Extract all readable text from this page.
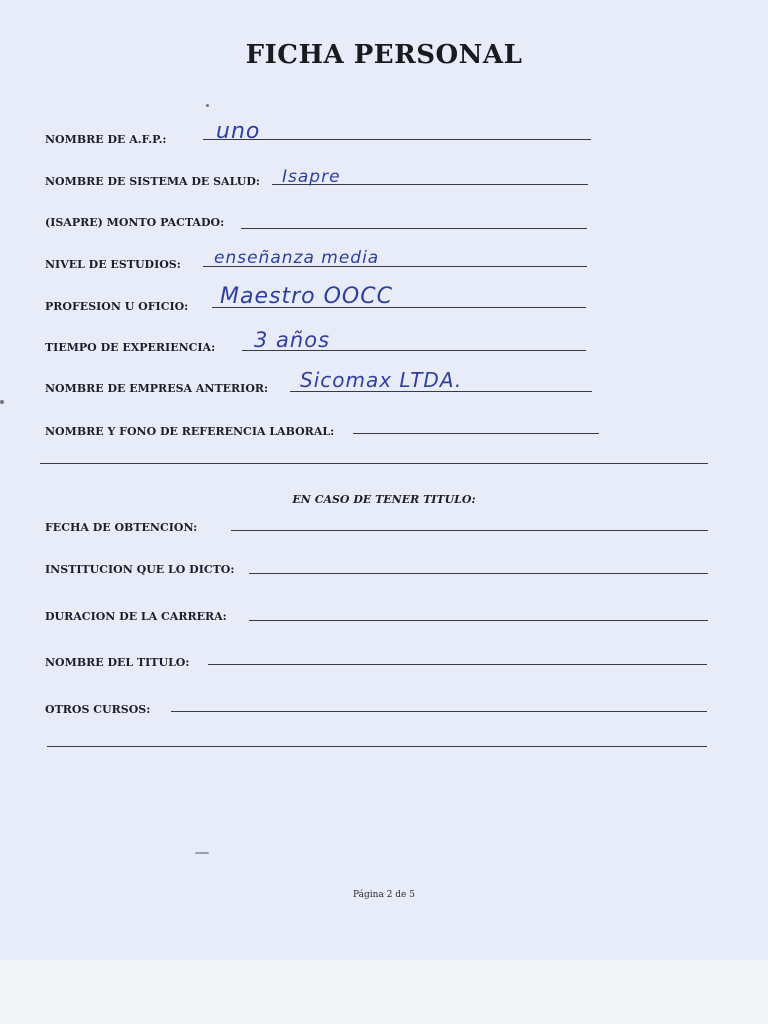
FICHA PERSONAL
NOMBRE DE A.F.P.: uno
NOMBRE DE SISTEMA DE SALUD: Isapre
(ISAPRE) MONTO PACTADO:
NIVEL DE ESTUDIOS: enseñanza media
PROFESION U OFICIO: Maestro OOCC
TIEMPO DE EXPERIENCIA: 3 años
NOMBRE DE EMPRESA ANTERIOR: Sicomax LTDA.
NOMBRE Y FONO DE REFERENCIA LABORAL:
EN CASO DE TENER TITULO:
FECHA DE OBTENCION:
INSTITUCION QUE LO DICTO:
DURACION DE LA CARRERA:
NOMBRE DEL TITULO:
OTROS CURSOS:
Página 2 de 5
